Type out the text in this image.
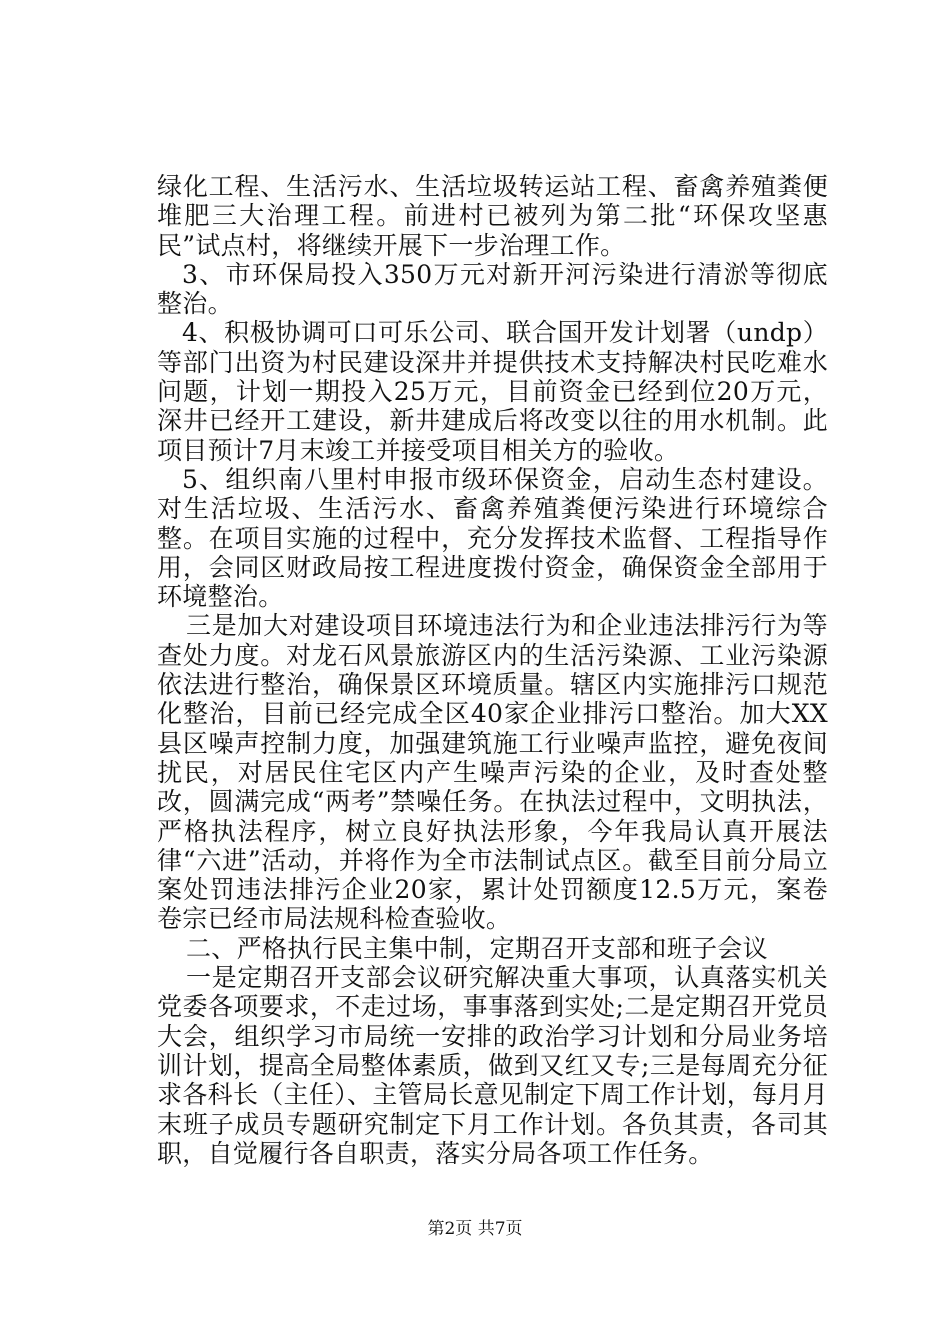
绿化工程、生活污水、生活垃圾转运站工程、畜禽养殖粪便堆肥三大治理工程。前进村已被列为第二批“环保攻坚惠民”试点村，将继续开展下一步治理工作。

3、市环保局投入350万元对新开河污染进行清淤等彻底整治。

4、积极协调可口可乐公司、联合国开发计划署（undp）等部门出资为村民建设深井并提供技术支持解决村民吃难水问题，计划一期投入25万元，目前资金已经到位20万元，深井已经开工建设，新井建成后将改变以往的用水机制。此项目预计7月末竣工并接受项目相关方的验收。

5、组织南八里村申报市级环保资金，启动生态村建设。对生活垃圾、生活污水、畜禽养殖粪便污染进行环境综合整。在项目实施的过程中，充分发挥技术监督、工程指导作用，会同区财政局按工程进度拨付资金，确保资金全部用于环境整治。

三是加大对建设项目环境违法行为和企业违法排污行为等查处力度。对龙石风景旅游区内的生活污染源、工业污染源依法进行整治，确保景区环境质量。辖区内实施排污口规范化整治，目前已经完成全区40家企业排污口整治。加大XX县区噪声控制力度，加强建筑施工行业噪声监控，避免夜间扰民，对居民住宅区内产生噪声污染的企业，及时查处整改，圆满完成“两考”禁噪任务。在执法过程中，文明执法，严格执法程序，树立良好执法形象，今年我局认真开展法律“六进”活动，并将作为全市法制试点区。截至目前分局立案处罚违法排污企业20家，累计处罚额度12.5万元，案卷卷宗已经市局法规科检查验收。

二、严格执行民主集中制，定期召开支部和班子会议

一是定期召开支部会议研究解决重大事项，认真落实机关党委各项要求，不走过场，事事落到实处;二是定期召开党员大会，组织学习市局统一安排的政治学习计划和分局业务培训计划，提高全局整体素质，做到又红又专;三是每周充分征求各科长（主任）、主管局长意见制定下周工作计划，每月月末班子成员专题研究制定下月工作计划。各负其责，各司其职，自觉履行各自职责，落实分局各项工作任务。

第2页 共7页
